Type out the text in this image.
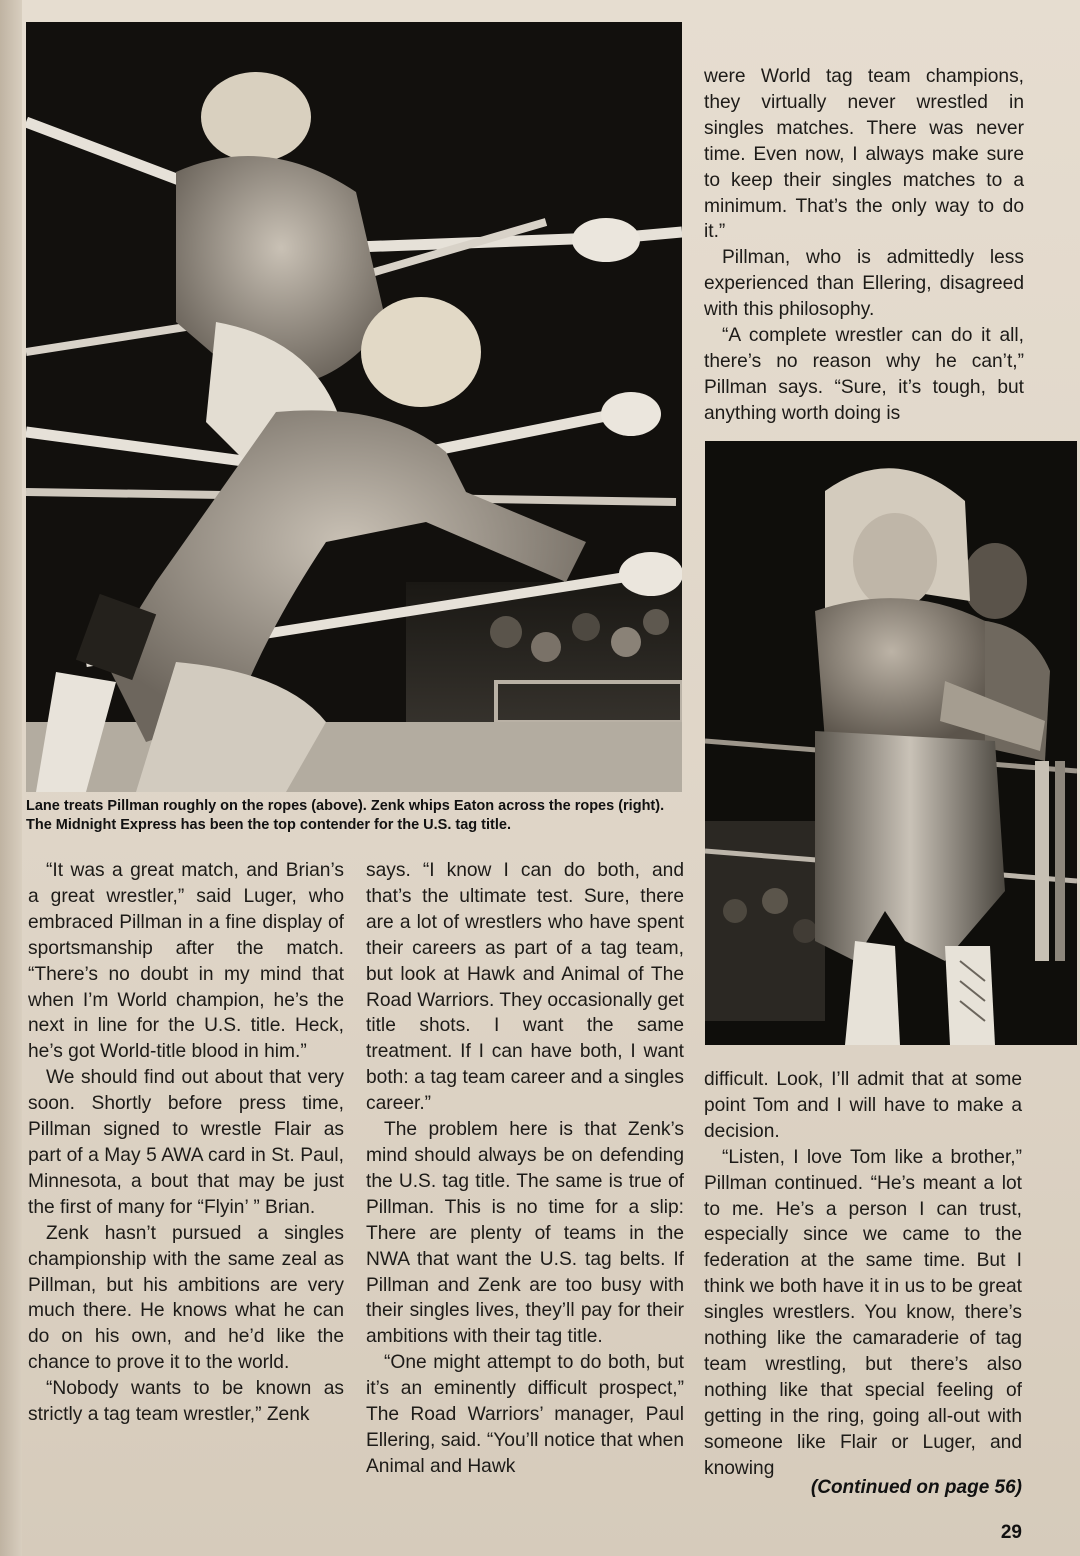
Lane treats Pillman roughly on the ropes (above). Zenk whips Eaton across the ropes (right). The Midnight Express has been the top contender for the U.S. tag title.

“It was a great match, and Brian’s a great wrestler,” said Luger, who embraced Pillman in a fine display of sportsmanship after the match. “There’s no doubt in my mind that when I’m World champion, he’s the next in line for the U.S. title. Heck, he’s got World-title blood in him.”

We should find out about that very soon. Shortly before press time, Pillman signed to wrestle Flair as part of a May 5 AWA card in St. Paul, Minnesota, a bout that may be just the first of many for “Flyin’ ” Brian.

Zenk hasn’t pursued a singles championship with the same zeal as Pillman, but his ambitions are very much there. He knows what he can do on his own, and he’d like the chance to prove it to the world.

“Nobody wants to be known as strictly a tag team wrestler,” Zenk

says. “I know I can do both, and that’s the ultimate test. Sure, there are a lot of wrestlers who have spent their careers as part of a tag team, but look at Hawk and Animal of The Road Warriors. They occasionally get title shots. I want the same treatment. If I can have both, I want both: a tag team career and a singles career.”

The problem here is that Zenk’s mind should always be on defending the U.S. tag title. The same is true of Pillman. This is no time for a slip: There are plenty of teams in the NWA that want the U.S. tag belts. If Pillman and Zenk are too busy with their singles lives, they’ll pay for their ambitions with their tag title.

“One might attempt to do both, but it’s an eminently difficult prospect,” The Road Warriors’ manager, Paul Ellering, said. “You’ll notice that when Animal and Hawk

were World tag team champions, they virtually never wrestled in singles matches. There was never time. Even now, I always make sure to keep their singles matches to a minimum. That’s the only way to do it.”

Pillman, who is admittedly less experienced than Ellering, disagreed with this philosophy.

“A complete wrestler can do it all, there’s no reason why he can’t,” Pillman says. “Sure, it’s tough, but anything worth doing is

difficult. Look, I’ll admit that at some point Tom and I will have to make a decision.

“Listen, I love Tom like a brother,” Pillman continued. “He’s meant a lot to me. He’s a person I can trust, especially since we came to the federation at the same time. But I think we both have it in us to be great singles wrestlers. You know, there’s nothing like the camaraderie of tag team wrestling, but there’s also nothing like that special feeling of getting in the ring, going all-out with someone like Flair or Luger, and knowing

(Continued on page 56)
29
